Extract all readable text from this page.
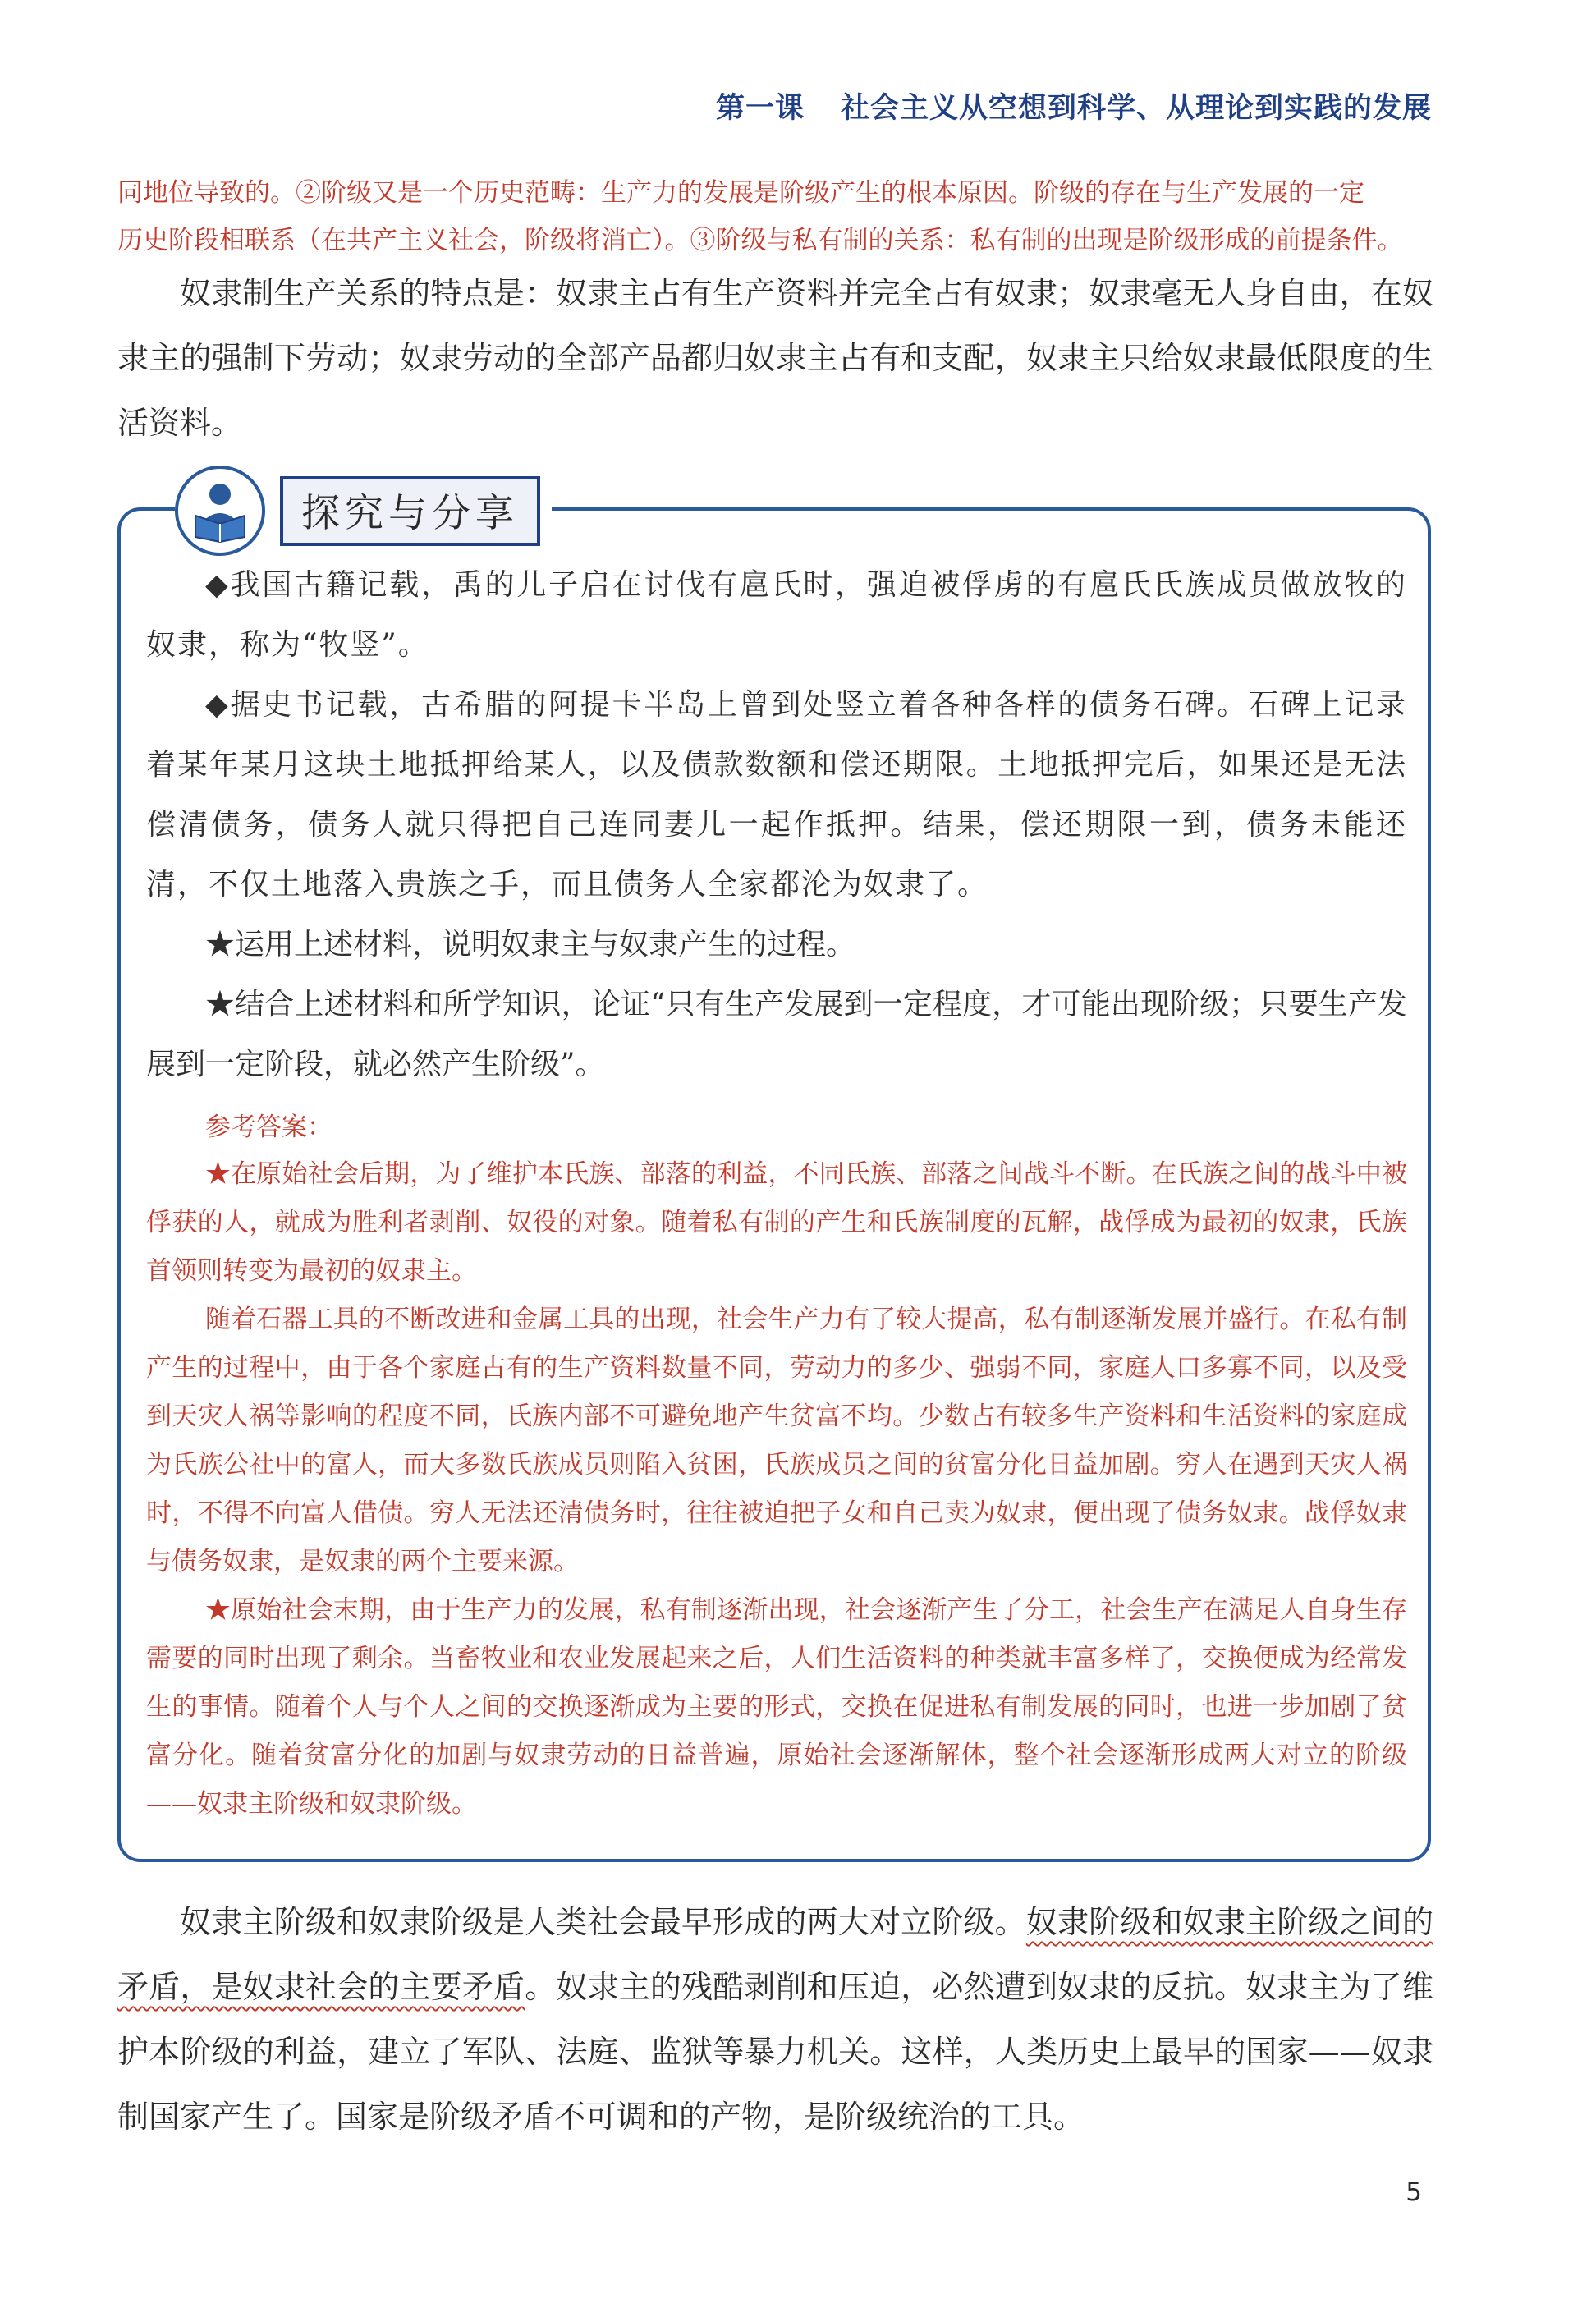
第一课 社会主义从空想到科学、从理论到实践的发展

同地位导致的。②阶级又是一个历史范畴：生产力的发展是阶级产生的根本原因。阶级的存在与生产发展的一定

历史阶段相联系（在共产主义社会，阶级将消亡）。③阶级与私有制的关系：私有制的出现是阶级形成的前提条件。

奴隶制生产关系的特点是：奴隶主占有生产资料并完全占有奴隶；奴隶毫无人身自由，在奴隶主的强制下劳动；奴隶劳动的全部产品都归奴隶主占有和支配，奴隶主只给奴隶最低限度的生活资料。
探究与分享

◆我国古籍记载，禹的儿子启在讨伐有扈氏时，强迫被俘虏的有扈氏氏族成员做放牧的奴隶，称为“牧竖”。

◆据史书记载，古希腊的阿提卡半岛上曾到处竖立着各种各样的债务石碑。石碑上记录着某年某月这块土地抵押给某人，以及债款数额和偿还期限。土地抵押完后，如果还是无法偿清债务，债务人就只得把自己连同妻儿一起作抵押。结果，偿还期限一到，债务未能还清，不仅土地落入贵族之手，而且债务人全家都沦为奴隶了。

★运用上述材料，说明奴隶主与奴隶产生的过程。

★结合上述材料和所学知识，论证“只有生产发展到一定程度，才可能出现阶级；只要生产发展到一定阶段，就必然产生阶级”。

参考答案：

★在原始社会后期，为了维护本氏族、部落的利益，不同氏族、部落之间战斗不断。在氏族之间的战斗中被俘获的人，就成为胜利者剥削、奴役的对象。随着私有制的产生和氏族制度的瓦解，战俘成为最初的奴隶，氏族首领则转变为最初的奴隶主。

随着石器工具的不断改进和金属工具的出现，社会生产力有了较大提高，私有制逐渐发展并盛行。在私有制产生的过程中，由于各个家庭占有的生产资料数量不同，劳动力的多少、强弱不同，家庭人口多寡不同，以及受到天灾人祸等影响的程度不同，氏族内部不可避免地产生贫富不均。少数占有较多生产资料和生活资料的家庭成为氏族公社中的富人，而大多数氏族成员则陷入贫困，氏族成员之间的贫富分化日益加剧。穷人在遇到天灾人祸时，不得不向富人借债。穷人无法还清债务时，往往被迫把子女和自己卖为奴隶，便出现了债务奴隶。战俘奴隶与债务奴隶，是奴隶的两个主要来源。

★原始社会末期，由于生产力的发展，私有制逐渐出现，社会逐渐产生了分工，社会生产在满足人自身生存需要的同时出现了剩余。当畜牧业和农业发展起来之后，人们生活资料的种类就丰富多样了，交换便成为经常发生的事情。随着个人与个人之间的交换逐渐成为主要的形式，交换在促进私有制发展的同时，也进一步加剧了贫富分化。随着贫富分化的加剧与奴隶劳动的日益普遍，原始社会逐渐解体，整个社会逐渐形成两大对立的阶级——奴隶主阶级和奴隶阶级。

奴隶主阶级和奴隶阶级是人类社会最早形成的两大对立阶级。奴隶阶级和奴隶主阶级之间的矛盾，是奴隶社会的主要矛盾。奴隶主的残酷剥削和压迫，必然遭到奴隶的反抗。奴隶主为了维护本阶级的利益，建立了军队、法庭、监狱等暴力机关。这样，人类历史上最早的国家——奴隶制国家产生了。国家是阶级矛盾不可调和的产物，是阶级统治的工具。
5
